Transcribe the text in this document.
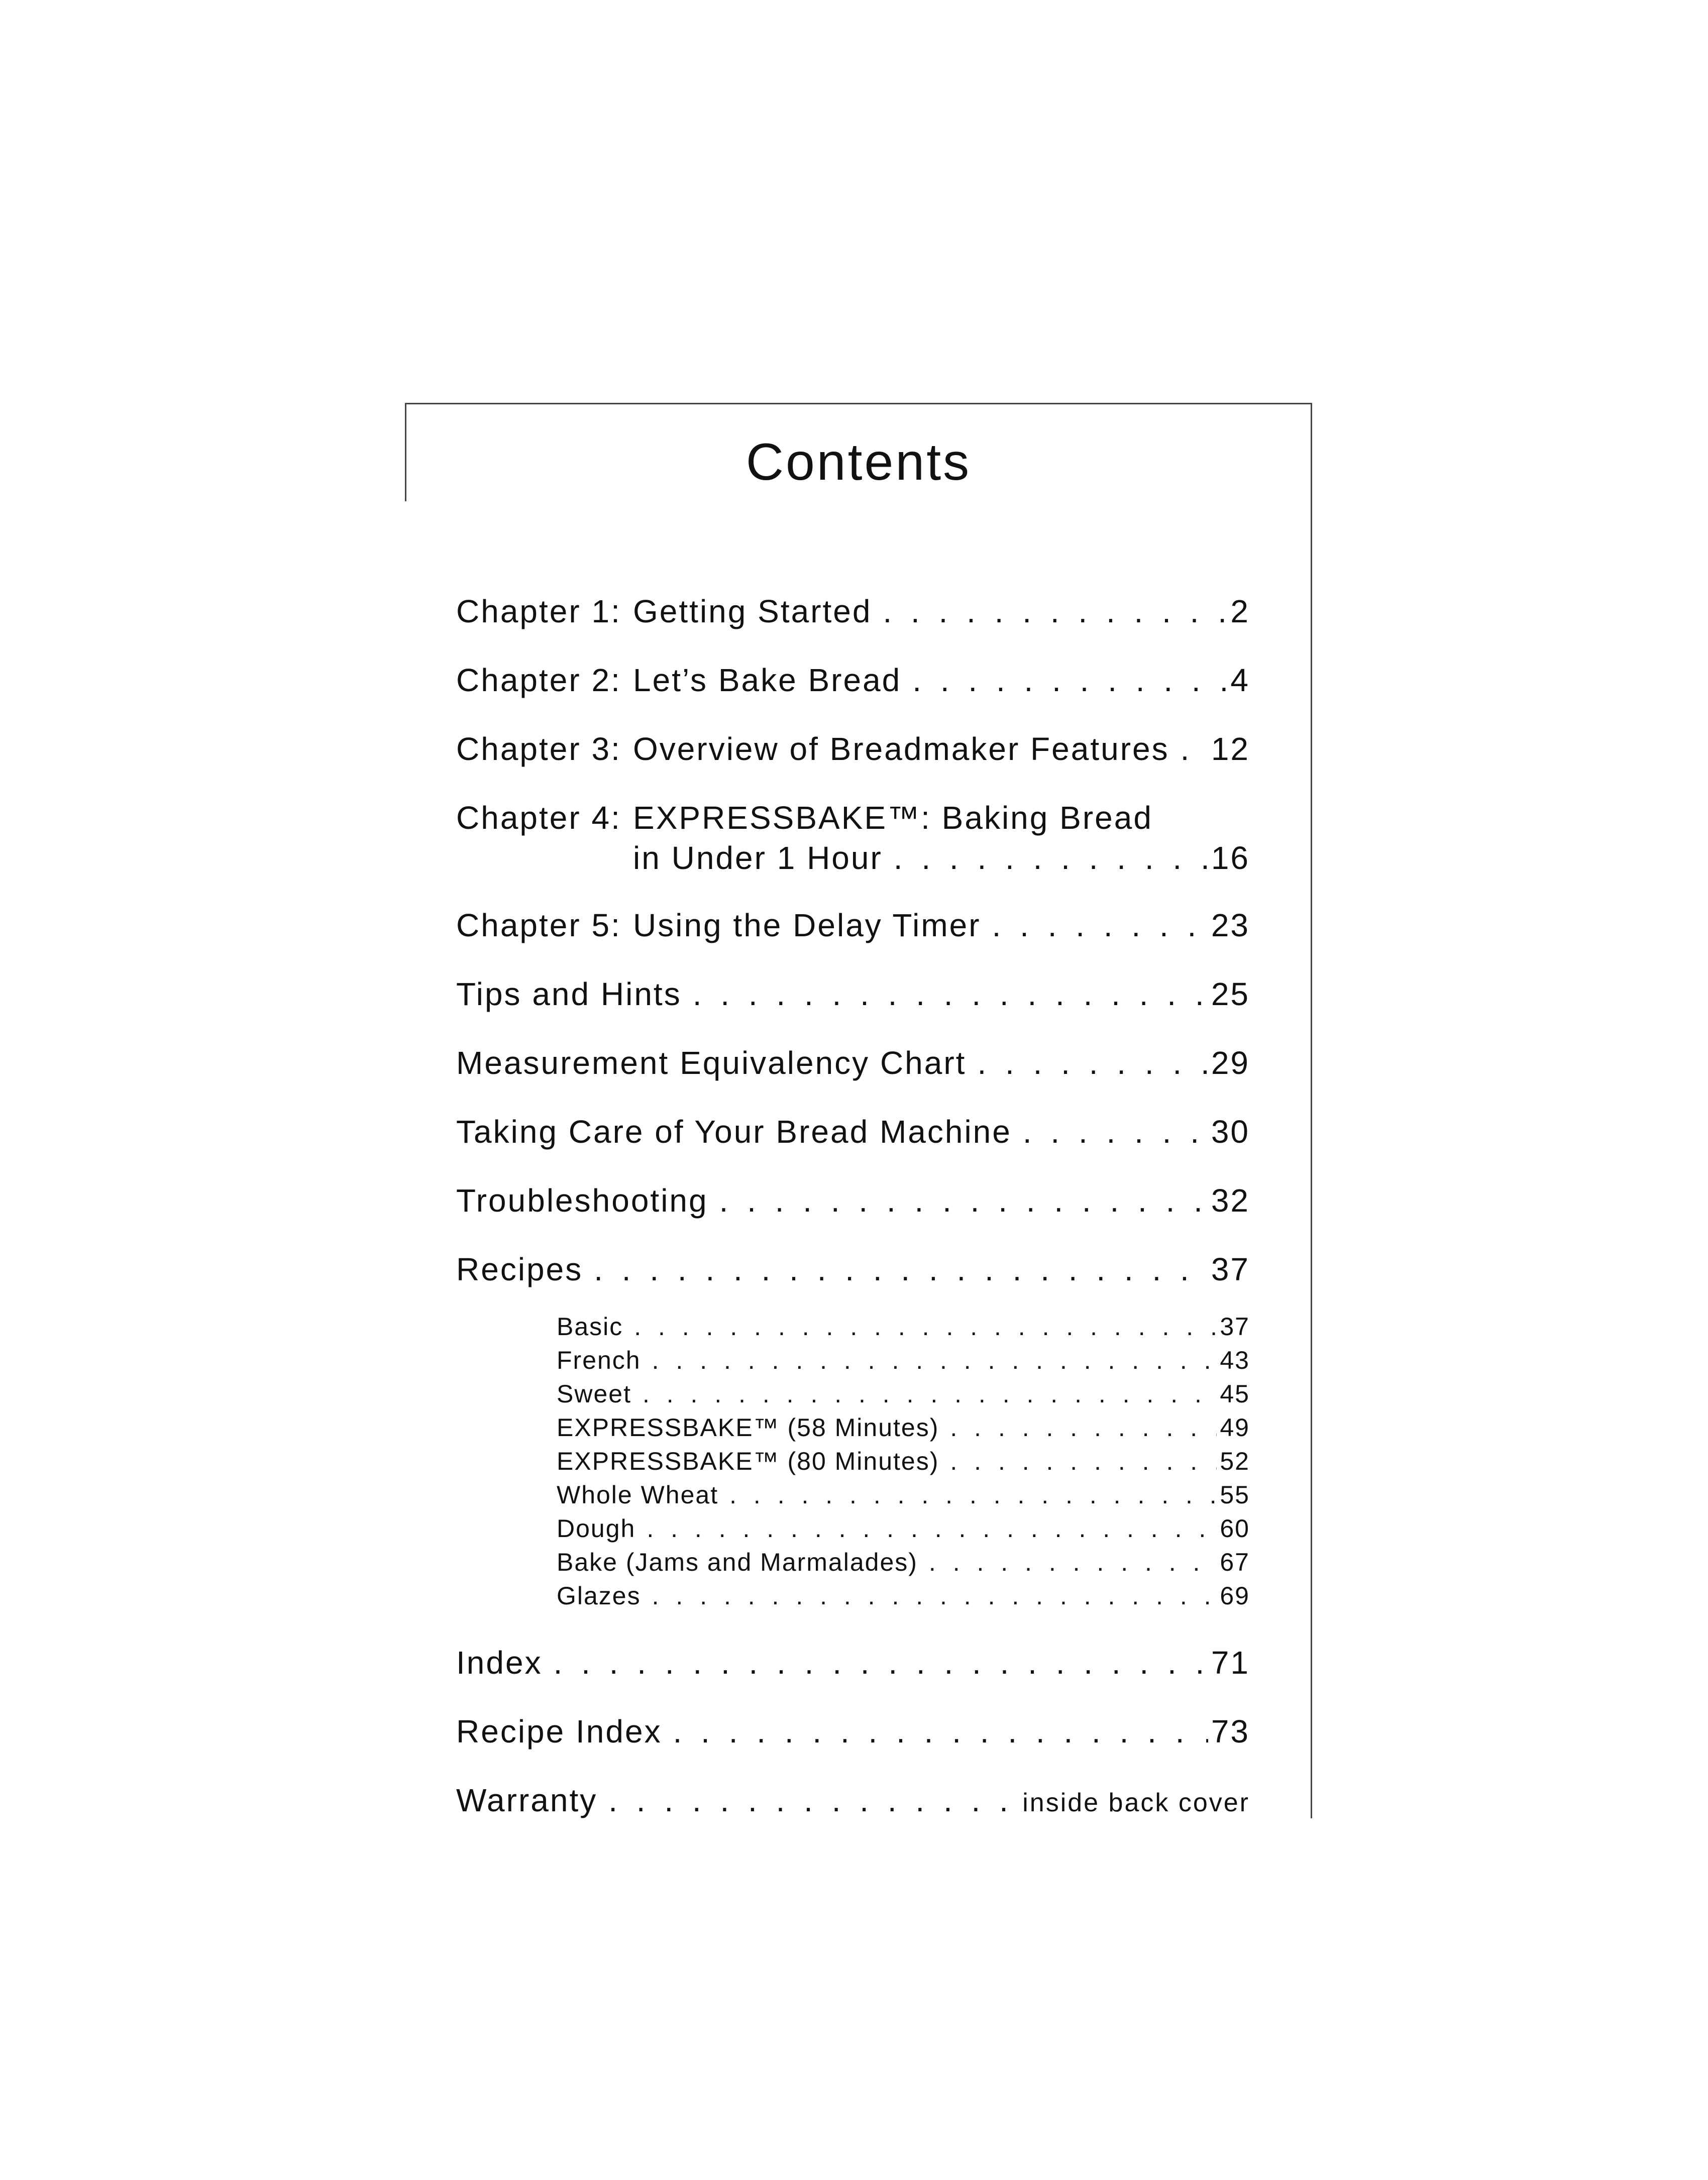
Contents
Chapter 1: Getting Started . . .	2
Chapter 2: Let’s Bake Bread . . .	4
Chapter 3: Overview of Breadmaker Features . . . 12
Chapter 4: EXPRESSBAKE™: Baking Bread
in Under 1 Hour . . .	16
Chapter 5: Using the Delay Timer . . .	23
Tips and Hints . . .	25
Measurement Equivalency Chart . . .	29
Taking Care of Your Bread Machine . . .	30
Troubleshooting . . .	32
Recipes . . .	37
Basic . . .	37
French . . .	43
Sweet . . .	45
EXPRESSBAKE™ (58 Minutes) . . .	49
EXPRESSBAKE™ (80 Minutes) . . .	52
Whole Wheat . . .	55
Dough . . .	60
Bake (Jams and Marmalades) . . .	67
Glazes . . .	69
Index . . .	71
Recipe Index . . .	73
Warranty . . .	inside back cover
